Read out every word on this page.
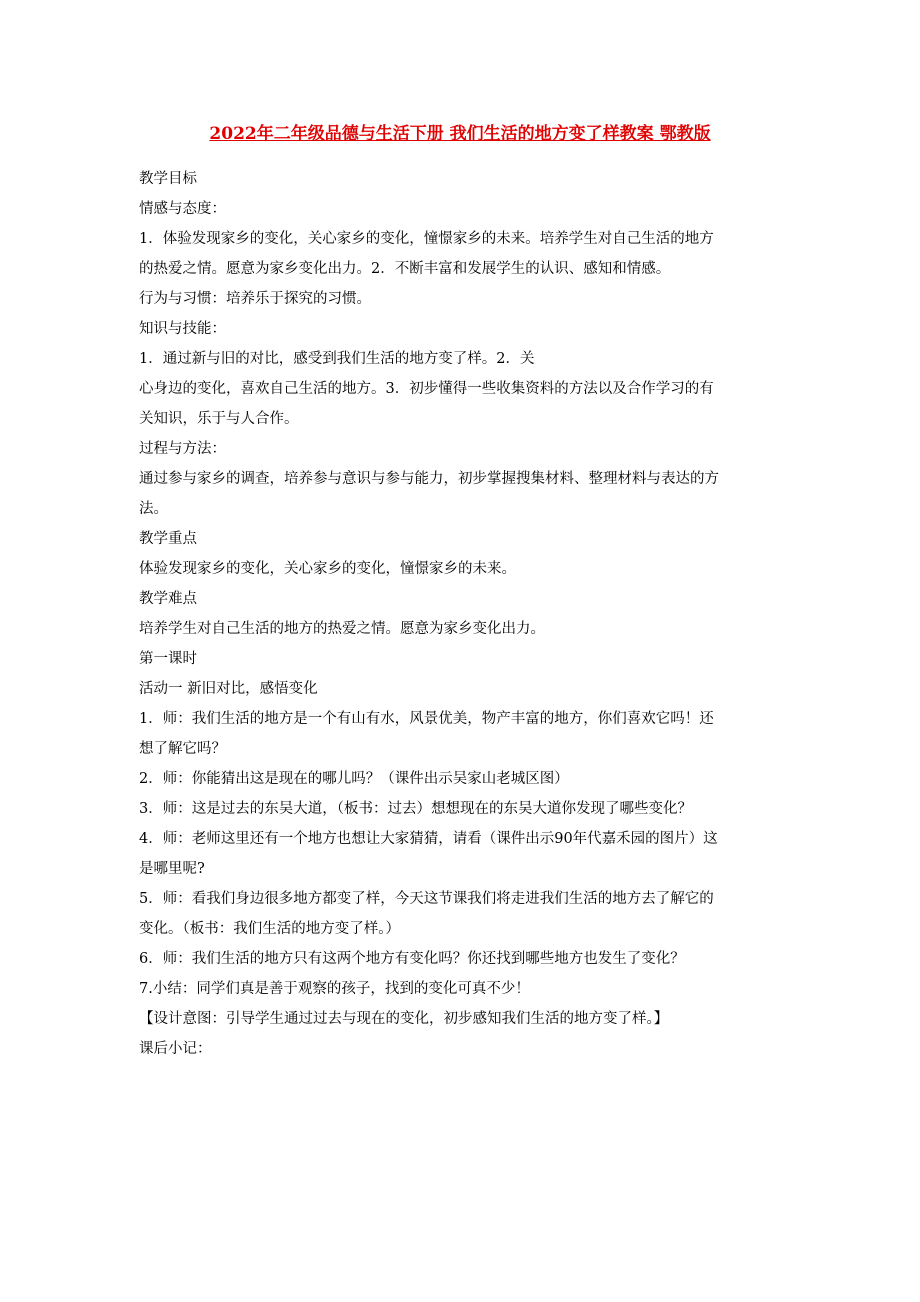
2022年二年级品德与生活下册 我们生活的地方变了样教案 鄂教版
教学目标
情感与态度：
1．体验发现家乡的变化，关心家乡的变化，憧憬家乡的未来。培养学生对自己生活的地方
的热爱之情。愿意为家乡变化出力。2．不断丰富和发展学生的认识、感知和情感。
行为与习惯：培养乐于探究的习惯。
知识与技能：
1．通过新与旧的对比，感受到我们生活的地方变了样。2．关
心身边的变化，喜欢自己生活的地方。3．初步懂得一些收集资料的方法以及合作学习的有
关知识，乐于与人合作。
过程与方法：
通过参与家乡的调查，培养参与意识与参与能力，初步掌握搜集材料、整理材料与表达的方
法。
教学重点
体验发现家乡的变化，关心家乡的变化，憧憬家乡的未来。
教学难点
培养学生对自己生活的地方的热爱之情。愿意为家乡变化出力。
第一课时
活动一 新旧对比，感悟变化
1．师：我们生活的地方是一个有山有水，风景优美，物产丰富的地方，你们喜欢它吗！还
想了解它吗？
2．师：你能猜出这是现在的哪儿吗？（课件出示吴家山老城区图）
3．师：这是过去的东吴大道，（板书：过去）想想现在的东吴大道你发现了哪些变化？
4．师：老师这里还有一个地方也想让大家猜猜，请看（课件出示90年代嘉禾园的图片）这
是哪里呢?
5．师：看我们身边很多地方都变了样，今天这节课我们将走进我们生活的地方去了解它的
变化。（板书：我们生活的地方变了样。）
6．师：我们生活的地方只有这两个地方有变化吗？你还找到哪些地方也发生了变化？
7.小结：同学们真是善于观察的孩子，找到的变化可真不少！
【设计意图：引导学生通过过去与现在的变化，初步感知我们生活的地方变了样。】
课后小记：
